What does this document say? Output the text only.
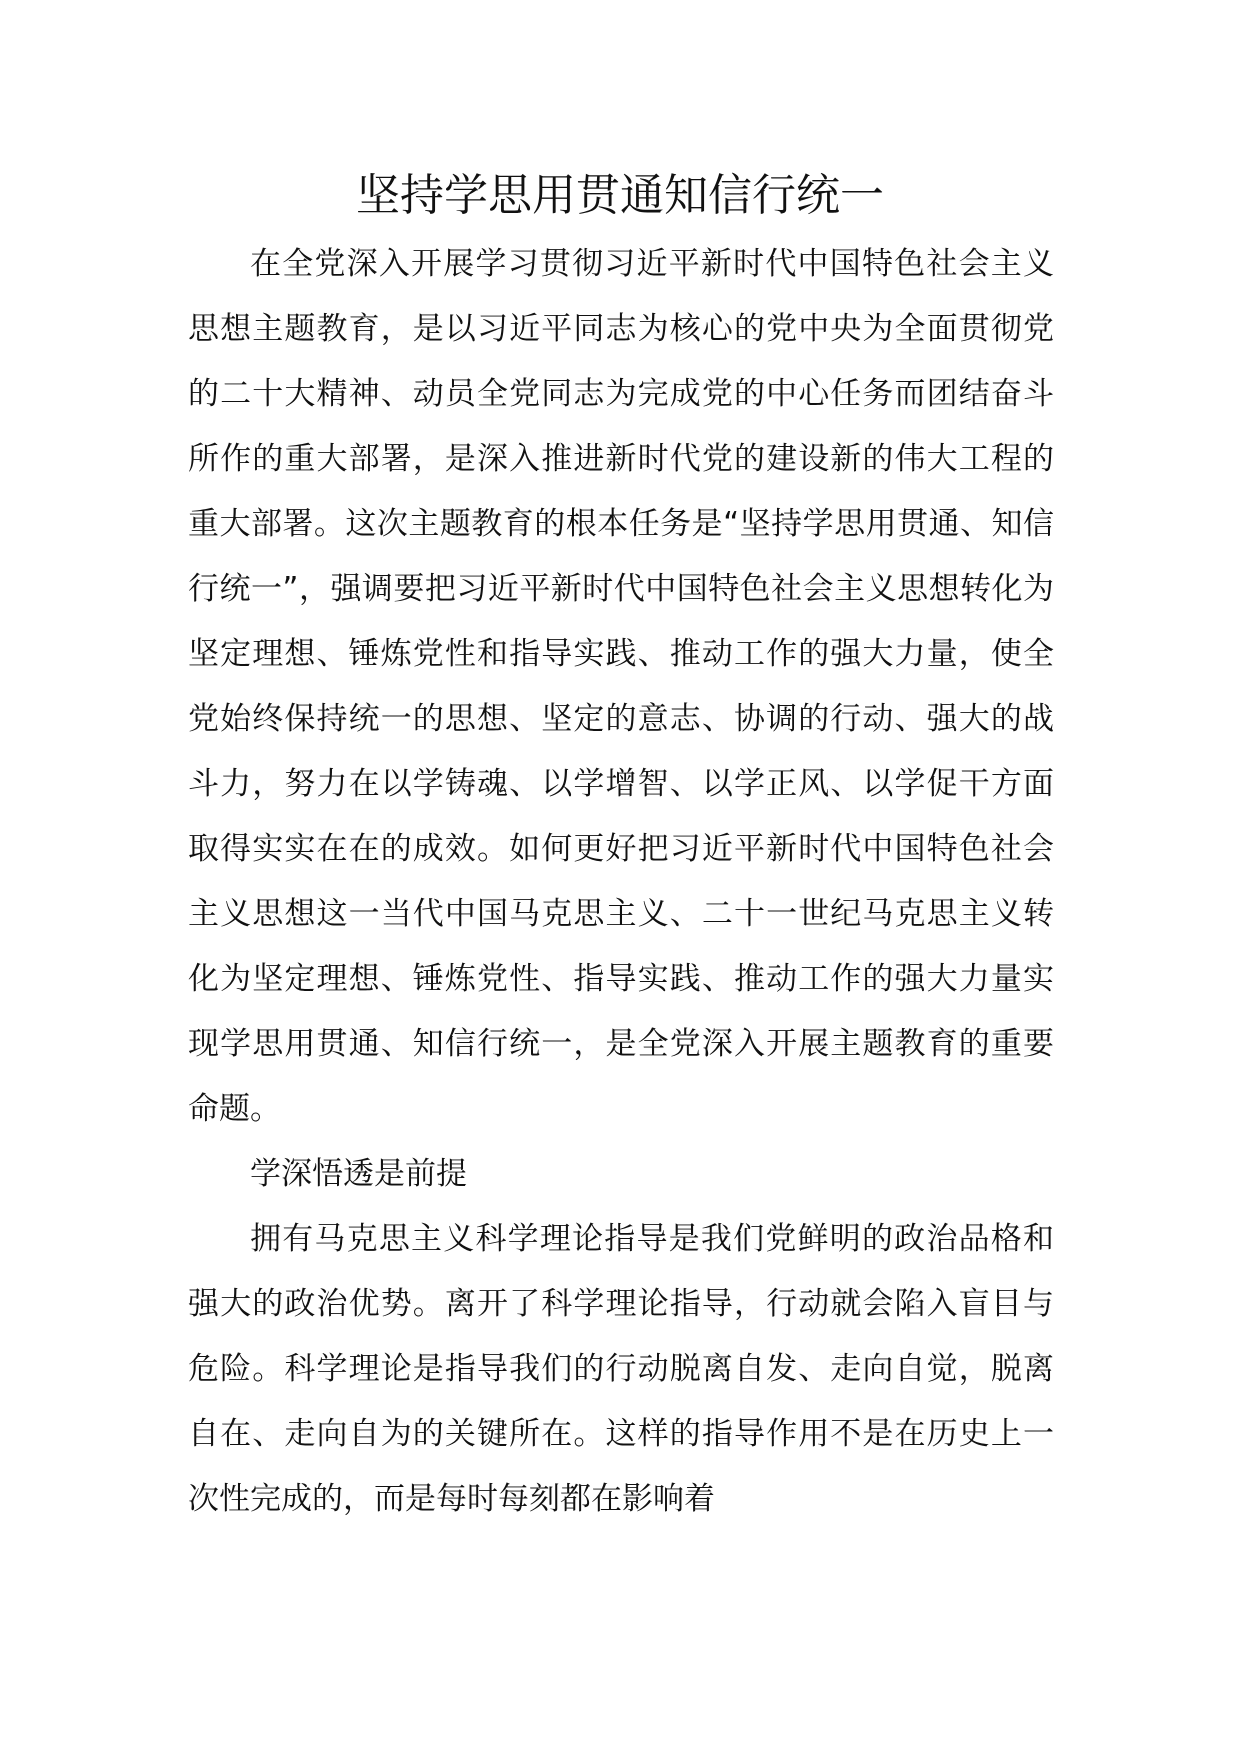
坚持学思用贯通知信行统一

在全党深入开展学习贯彻习近平新时代中国特色社会主义思想主题教育，是以习近平同志为核心的党中央为全面贯彻党的二十大精神、动员全党同志为完成党的中心任务而团结奋斗所作的重大部署，是深入推进新时代党的建设新的伟大工程的重大部署。这次主题教育的根本任务是“坚持学思用贯通、知信行统一”，强调要把习近平新时代中国特色社会主义思想转化为坚定理想、锤炼党性和指导实践、推动工作的强大力量，使全党始终保持统一的思想、坚定的意志、协调的行动、强大的战斗力，努力在以学铸魂、以学增智、以学正风、以学促干方面取得实实在在的成效。如何更好把习近平新时代中国特色社会主义思想这一当代中国马克思主义、二十一世纪马克思主义转化为坚定理想、锤炼党性、指导实践、推动工作的强大力量实现学思用贯通、知信行统一，是全党深入开展主题教育的重要命题。

学深悟透是前提

拥有马克思主义科学理论指导是我们党鲜明的政治品格和强大的政治优势。离开了科学理论指导，行动就会陷入盲目与危险。科学理论是指导我们的行动脱离自发、走向自觉，脱离自在、走向自为的关键所在。这样的指导作用不是在历史上一次性完成的，而是每时每刻都在影响着
